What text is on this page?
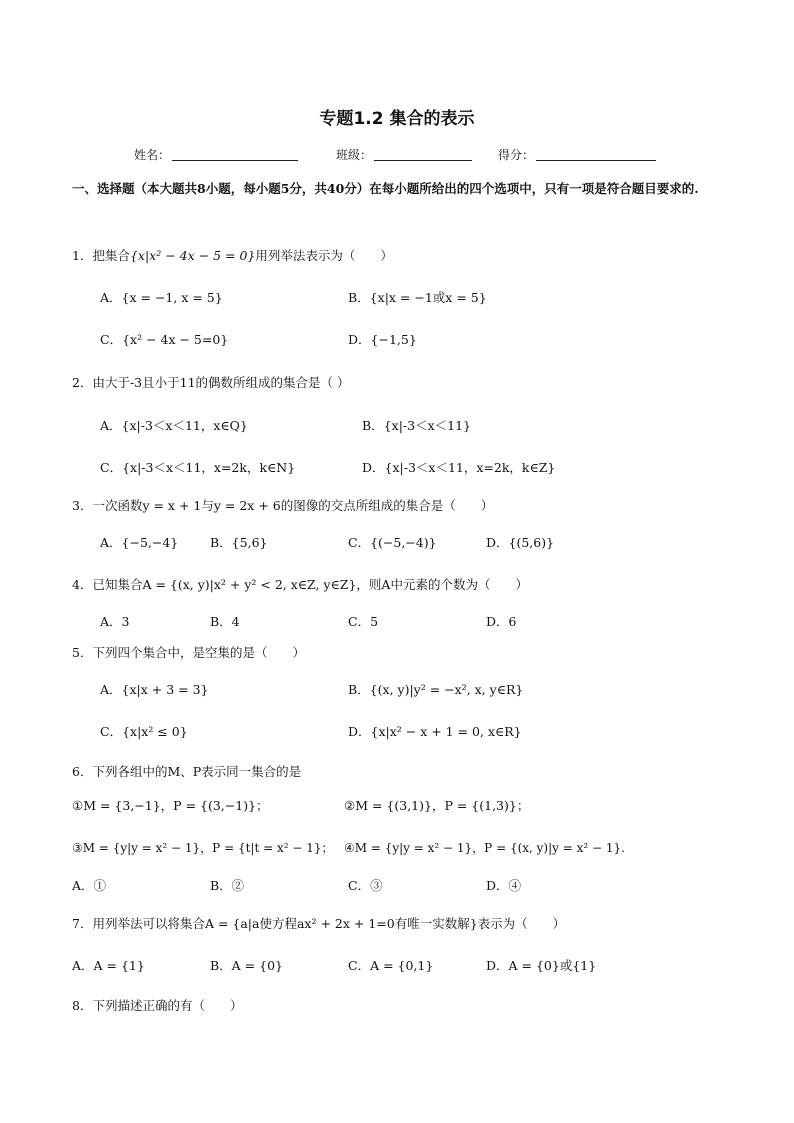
专题1.2 集合的表示
姓名：	班级：	得分：
一、选择题（本大题共8小题，每小题5分，共40分）在每小题所给出的四个选项中，只有一项是符合题目要求的.
1．把集合{x|x² − 4x − 5 = 0}用列举法表示为（　　）
A．{x = −1, x = 5}	B．{x|x = −1或x = 5}
C．{x² − 4x − 5=0}	D．{−1,5}
2．由大于-3且小于11的偶数所组成的集合是（ ）
A．{x|-3＜x＜11，x∈Q}	B．{x|-3＜x＜11}
C．{x|-3＜x＜11，x=2k，k∈N}	D．{x|-3＜x＜11，x=2k，k∈Z}
3．一次函数y = x + 1与y = 2x + 6的图像的交点所组成的集合是（　　）
A．{−5,−4}	B．{5,6}	C．{(−5,−4)}	D．{(5,6)}
4．已知集合A = {(x, y)|x² + y² < 2, x∈Z, y∈Z}，则A中元素的个数为（　　）
A．3	B．4	C．5	D．6
5．下列四个集合中，是空集的是（　　）
A．{x|x + 3 = 3}	B．{(x, y)|y² = −x², x, y∈R}
C．{x|x² ≤ 0}	D．{x|x² − x + 1 = 0, x∈R}
6．下列各组中的M、P表示同一集合的是
①M = {3,−1}，P = {(3,−1)}；	②M = {(3,1)}，P = {(1,3)}；
③M = {y|y = x² − 1}，P = {t|t = x² − 1}； ④M = {y|y = x² − 1}，P = {(x, y)|y = x² − 1}.
A．①	B．②	C．③	D．④
7．用列举法可以将集合A = {a|a使方程ax² + 2x + 1=0有唯一实数解}表示为（　　）
A．A = {1}	B．A = {0}	C．A = {0,1}	D．A = {0}或{1}
8．下列描述正确的有（　　）
